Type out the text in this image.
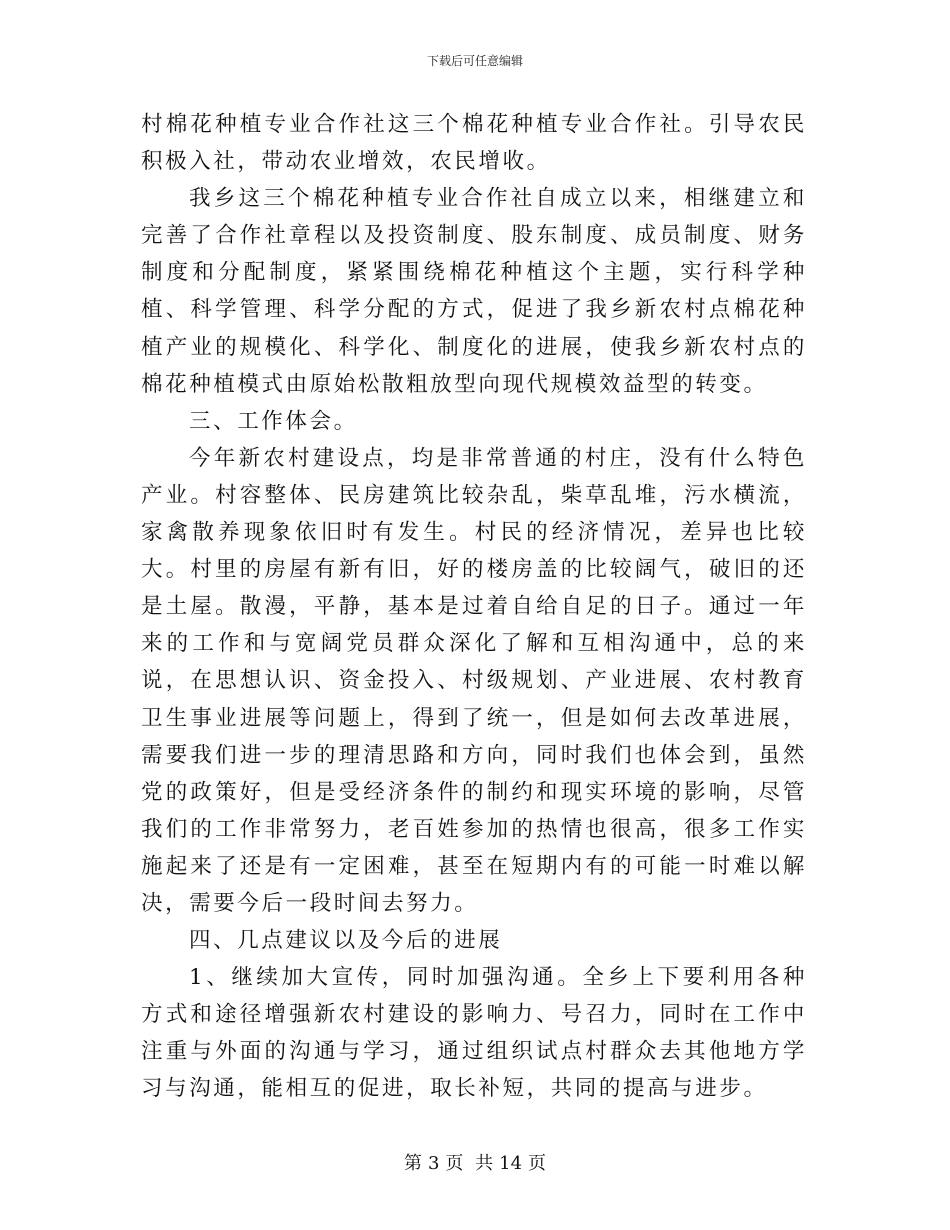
下载后可任意编辑

村棉花种植专业合作社这三个棉花种植专业合作社。引导农民积极入社，带动农业增效，农民增收。

我乡这三个棉花种植专业合作社自成立以来，相继建立和完善了合作社章程以及投资制度、股东制度、成员制度、财务制度和分配制度，紧紧围绕棉花种植这个主题，实行科学种植、科学管理、科学分配的方式，促进了我乡新农村点棉花种植产业的规模化、科学化、制度化的进展，使我乡新农村点的棉花种植模式由原始松散粗放型向现代规模效益型的转变。

三、工作体会。

今年新农村建设点，均是非常普通的村庄，没有什么特色产业。村容整体、民房建筑比较杂乱，柴草乱堆，污水横流，家禽散养现象依旧时有发生。村民的经济情况，差异也比较大。村里的房屋有新有旧，好的楼房盖的比较阔气，破旧的还是土屋。散漫，平静，基本是过着自给自足的日子。通过一年来的工作和与宽阔党员群众深化了解和互相沟通中，总的来说，在思想认识、资金投入、村级规划、产业进展、农村教育卫生事业进展等问题上，得到了统一，但是如何去改革进展，需要我们进一步的理清思路和方向，同时我们也体会到，虽然党的政策好，但是受经济条件的制约和现实环境的影响，尽管我们的工作非常努力，老百姓参加的热情也很高，很多工作实施起来了还是有一定困难，甚至在短期内有的可能一时难以解决，需要今后一段时间去努力。

四、几点建议以及今后的进展

1、继续加大宣传，同时加强沟通。全乡上下要利用各种方式和途径增强新农村建设的影响力、号召力，同时在工作中注重与外面的沟通与学习，通过组织试点村群众去其他地方学习与沟通，能相互的促进，取长补短，共同的提高与进步。

第 3 页 共 14 页
